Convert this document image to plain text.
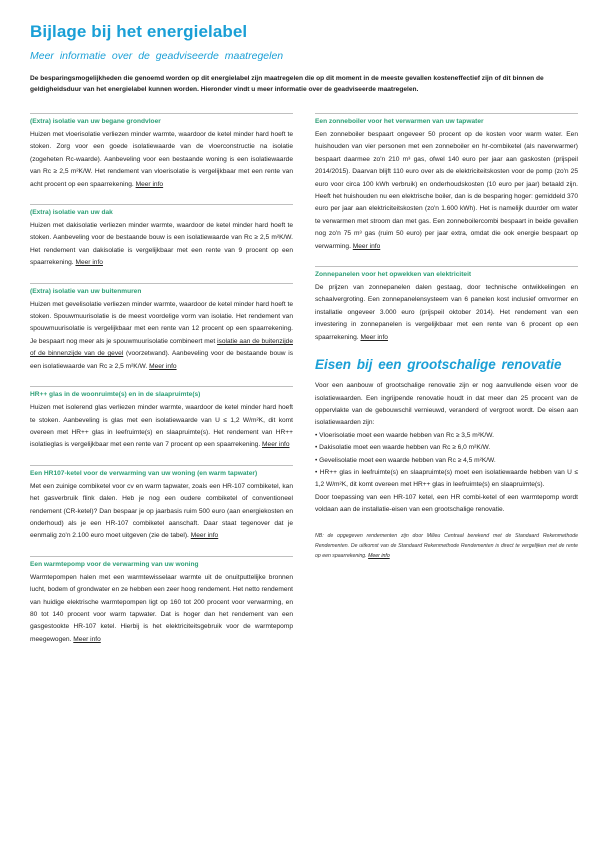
Bijlage bij het energielabel

Meer informatie over de geadviseerde maatregelen

De besparingsmogelijkheden die genoemd worden op dit energielabel zijn maatregelen die op dit moment in de meeste gevallen kosteneffectief zijn of dit binnen de geldigheidsduur van het energielabel kunnen worden. Hieronder vindt u meer informatie over de geadviseerde maatregelen.

(Extra) isolatie van uw begane grondvloer

Huizen met vloerisolatie verliezen minder warmte, waardoor de ketel minder hard hoeft te stoken. Zorg voor een goede isolatiewaarde van de vloerconstructie na isolatie (zogeheten Rc-waarde). Aanbeveling voor een bestaande woning is een isolatiewaarde van Rc ≥ 2,5 m²K/W. Het rendement van vloerisolatie is vergelijkbaar met een rente van acht procent op een spaarrekening. Meer info

(Extra) isolatie van uw dak

Huizen met dakisolatie verliezen minder warmte, waardoor de ketel minder hard hoeft te stoken. Aanbeveling voor de bestaande bouw is een isolatiewaarde van Rc ≥ 2,5 m²K/W. Het rendement van dakisolatie is vergelijkbaar met een rente van 9 procent op een spaarrekening. Meer info

(Extra) isolatie van uw buitenmuren

Huizen met gevelisolatie verliezen minder warmte, waardoor de ketel minder hard hoeft te stoken. Spouwmuurisolatie is de meest voordelige vorm van isolatie. Het rendement van spouwmuurisolatie is vergelijkbaar met een rente van 12 procent op een spaarrekening. Je bespaart nog meer als je spouwmuurisolatie combineert met isolatie aan de buitenzijde of de binnenzijde van de gevel (voorzetwand). Aanbeveling voor de bestaande bouw is een isolatiewaarde van Rc ≥ 2,5 m²K/W. Meer info

HR++ glas in de woonruimte(s) en in de slaapruimte(s)

Huizen met isolerend glas verliezen minder warmte, waardoor de ketel minder hard hoeft te stoken. Aanbeveling is glas met een isolatiewaarde van U ≤ 1,2 W/m²K, dit komt overeen met HR++ glas in leefruimte(s) en slaapruimte(s). Het rendement van HR++ isolatieglas is vergelijkbaar met een rente van 7 procent op een spaarrekening. Meer info

Een HR107-ketel voor de verwarming van uw woning (en warm tapwater)

Met een zuinige combiketel voor cv en warm tapwater, zoals een HR-107 combiketel, kan het gasverbruik flink dalen. Heb je nog een oudere combiketel of conventioneel rendement (CR-ketel)? Dan bespaar je op jaarbasis ruim 500 euro (aan energiekosten en onderhoud) als je een HR-107 combiketel aanschaft. Daar staat tegenover dat je eenmalig zo'n 2.100 euro moet uitgeven (zie de tabel). Meer info

Een warmtepomp voor de verwarming van uw woning

Warmtepompen halen met een warmtewisselaar warmte uit de onuitputtelijke bronnen lucht, bodem of grondwater en ze hebben een zeer hoog rendement. Het netto rendement van huidige elektrische warmtepompen ligt op 160 tot 200 procent voor verwarming, en 80 tot 140 procent voor warm tapwater. Dat is hoger dan het rendement van een gasgestookte HR-107 ketel. Hierbij is het elektriciteitsgebruik voor de warmtepomp meegewogen. Meer info

Een zonneboiler voor het verwarmen van uw tapwater

Een zonneboiler bespaart ongeveer 50 procent op de kosten voor warm water. Een huishouden van vier personen met een zonneboiler en hr-combiketel (als naverwarmer) bespaart daarmee zo'n 210 m³ gas, ofwel 140 euro per jaar aan gaskosten (prijspeil 2014/2015). Daarvan blijft 110 euro over als de elektriciteitskosten voor de pomp (zo'n 25 euro voor circa 100 kWh verbruik) en onderhoudskosten (10 euro per jaar) betaald zijn. Heeft het huishouden nu een elektrische boiler, dan is de besparing hoger: gemiddeld 370 euro per jaar aan elektriciteitskosten (zo'n 1.600 kWh). Het is namelijk duurder om water te verwarmen met stroom dan met gas. Een zonneboilercombi bespaart in beide gevallen nog zo'n 75 m³ gas (ruim 50 euro) per jaar extra, omdat die ook energie bespaart op verwarming. Meer info

Zonnepanelen voor het opwekken van elektriciteit

De prijzen van zonnepanelen dalen gestaag, door technische ontwikkelingen en schaalvergroting. Een zonnepanelensysteem van 6 panelen kost inclusief omvormer en installatie ongeveer 3.000 euro (prijspeil oktober 2014). Het rendement van een investering in zonnepanelen is vergelijkbaar met een rente van 6 procent op een spaarrekening. Meer info

Eisen bij een grootschalige renovatie

Voor een aanbouw of grootschalige renovatie zijn er nog aanvullende eisen voor de isolatiewaarden. Een ingrijpende renovatie houdt in dat meer dan 25 procent van de oppervlakte van de gebouwschil vernieuwd, veranderd of vergroot wordt. De eisen aan isolatiewaarden zijn:

• Vloerisolatie moet een waarde hebben van Rc ≥ 3,5 m²K/W.
• Dakisolatie moet een waarde hebben van Rc ≥ 6,0 m²K/W.
• Gevelisolatie moet een waarde hebben van Rc ≥ 4,5 m²K/W.
• HR++ glas in leefruimte(s) en slaapruimte(s) moet een isolatiewaarde hebben van U ≤ 1,2 W/m²K, dit komt overeen met HR++ glas in leefruimte(s) en slaapruimte(s).

Door toepassing van een HR-107 ketel, een HR combi-ketel of een warmtepomp wordt voldaan aan de installatie-eisen van een grootschalige renovatie.

NB: de opgegeven rendementen zijn door Milieu Centraal berekend met de Standaard Rekenmethode Rendementen. De uitkomst van de Standaard Rekenmethode Rendementen is direct te vergelijken met de rente op een spaarrekening. Meer info
